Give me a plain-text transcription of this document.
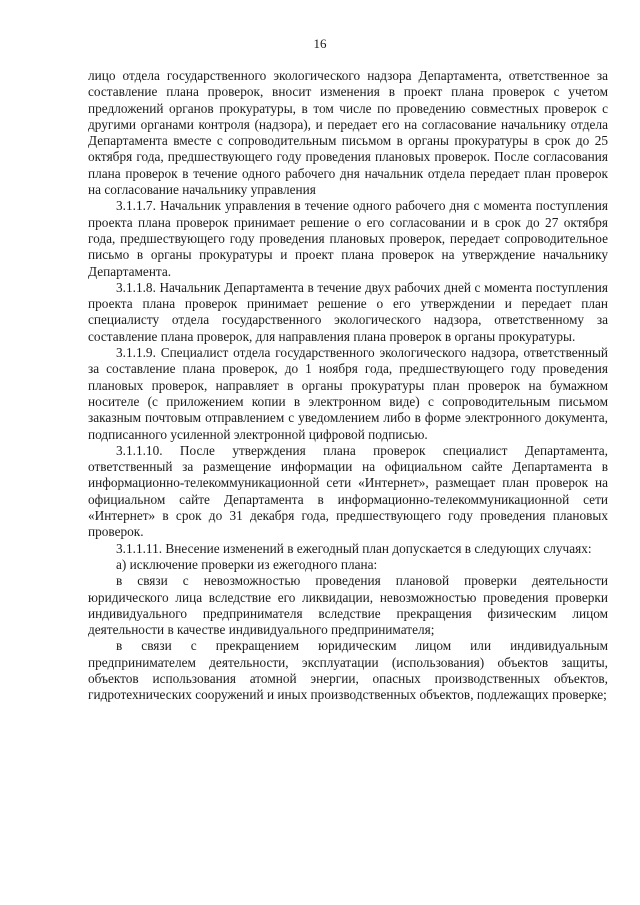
16

лицо отдела государственного экологического надзора Департамента, ответственное за составление плана проверок, вносит изменения в проект плана проверок с учетом предложений органов прокуратуры, в том числе по проведению совместных проверок с другими органами контроля (надзора), и передает его на согласование начальнику отдела Департамента вместе с сопроводительным письмом в органы прокуратуры в срок до 25 октября года, предшествующего году проведения плановых проверок. После согласования плана проверок в течение одного рабочего дня начальник отдела передает план проверок на согласование начальнику управления

3.1.1.7. Начальник управления в течение одного рабочего дня с момента поступления проекта плана проверок принимает решение о его согласовании и в срок до 27 октября года, предшествующего году проведения плановых проверок, передает сопроводительное письмо в органы прокуратуры и проект плана проверок на утверждение начальнику Департамента.

3.1.1.8. Начальник Департамента в течение двух рабочих дней с момента поступления проекта плана проверок принимает решение о его утверждении и передает план специалисту отдела государственного экологического надзора, ответственному за составление плана проверок, для направления плана проверок в органы прокуратуры.

3.1.1.9. Специалист отдела государственного экологического надзора, ответственный за составление плана проверок, до 1 ноября года, предшествующего году проведения плановых проверок, направляет в органы прокуратуры план проверок на бумажном носителе (с приложением копии в электронном виде) с сопроводительным письмом заказным почтовым отправлением с уведомлением либо в форме электронного документа, подписанного усиленной электронной цифровой подписью.

3.1.1.10. После утверждения плана проверок специалист Департамента, ответственный за размещение информации на официальном сайте Департамента в информационно-телекоммуникационной сети «Интернет», размещает план проверок на официальном сайте Департамента в информационно-телекоммуникационной сети «Интернет» в срок до 31 декабря года, предшествующего году проведения плановых проверок.

3.1.1.11. Внесение изменений в ежегодный план допускается в следующих случаях:

а) исключение проверки из ежегодного плана:

в связи с невозможностью проведения плановой проверки деятельности юридического лица вследствие его ликвидации, невозможностью проведения проверки индивидуального предпринимателя вследствие прекращения физическим лицом деятельности в качестве индивидуального предпринимателя;

в связи с прекращением юридическим лицом или индивидуальным предпринимателем деятельности, эксплуатации (использования) объектов защиты, объектов использования атомной энергии, опасных производственных объектов, гидротехнических сооружений и иных производственных объектов, подлежащих проверке;
